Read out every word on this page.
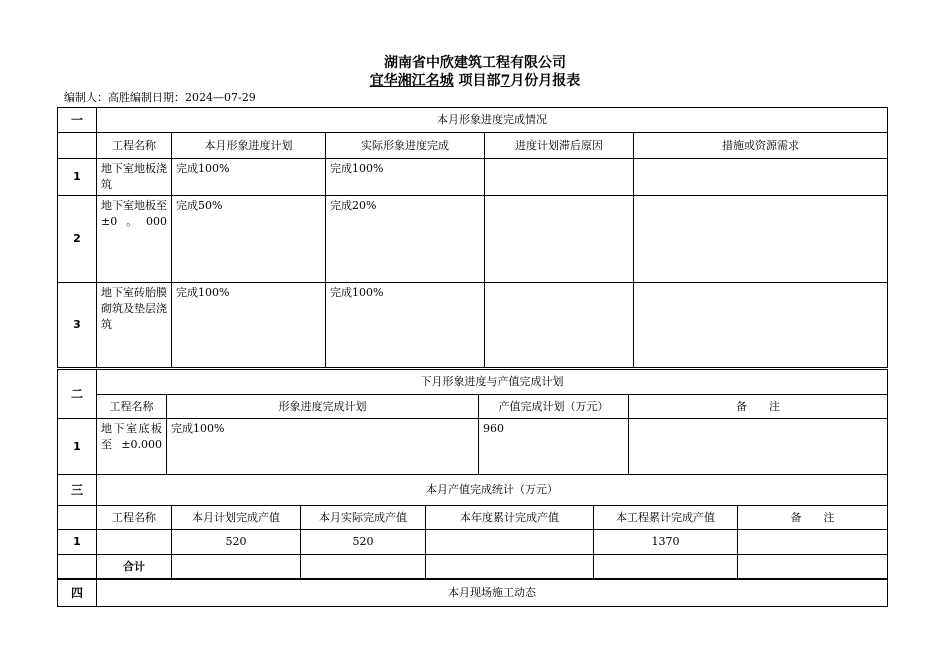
湖南省中欣建筑工程有限公司
宜华湘江名城 项目部7月份月报表
编制人：高胜编制日期：2024—07-29
一	本月形象进度完成情况				
	工程名称	本月形象进度计划	实际形象进度完成	进度计划滞后原因	措施或资源需求
1	地下室地板浇筑	完成100%	完成100%		
2	地下室地板至±0。000	完成50%	完成20%		
3	地下室砖胎膜砌筑及垫层浇筑	完成100%	完成100%		
二	下月形象进度与产值完成计划			
	工程名称	形象进度完成计划	产值完成计划（万元）	备　　注
1	地下室底板至±0.000	完成100%	960	
三	本月产值完成统计（万元）					
	工程名称	本月计划完成产值	本月实际完成产值	本年度累计完成产值	本工程累计完成产值	备　　注
1		520	520		1370	
	合计					
四	本月现场施工动态
